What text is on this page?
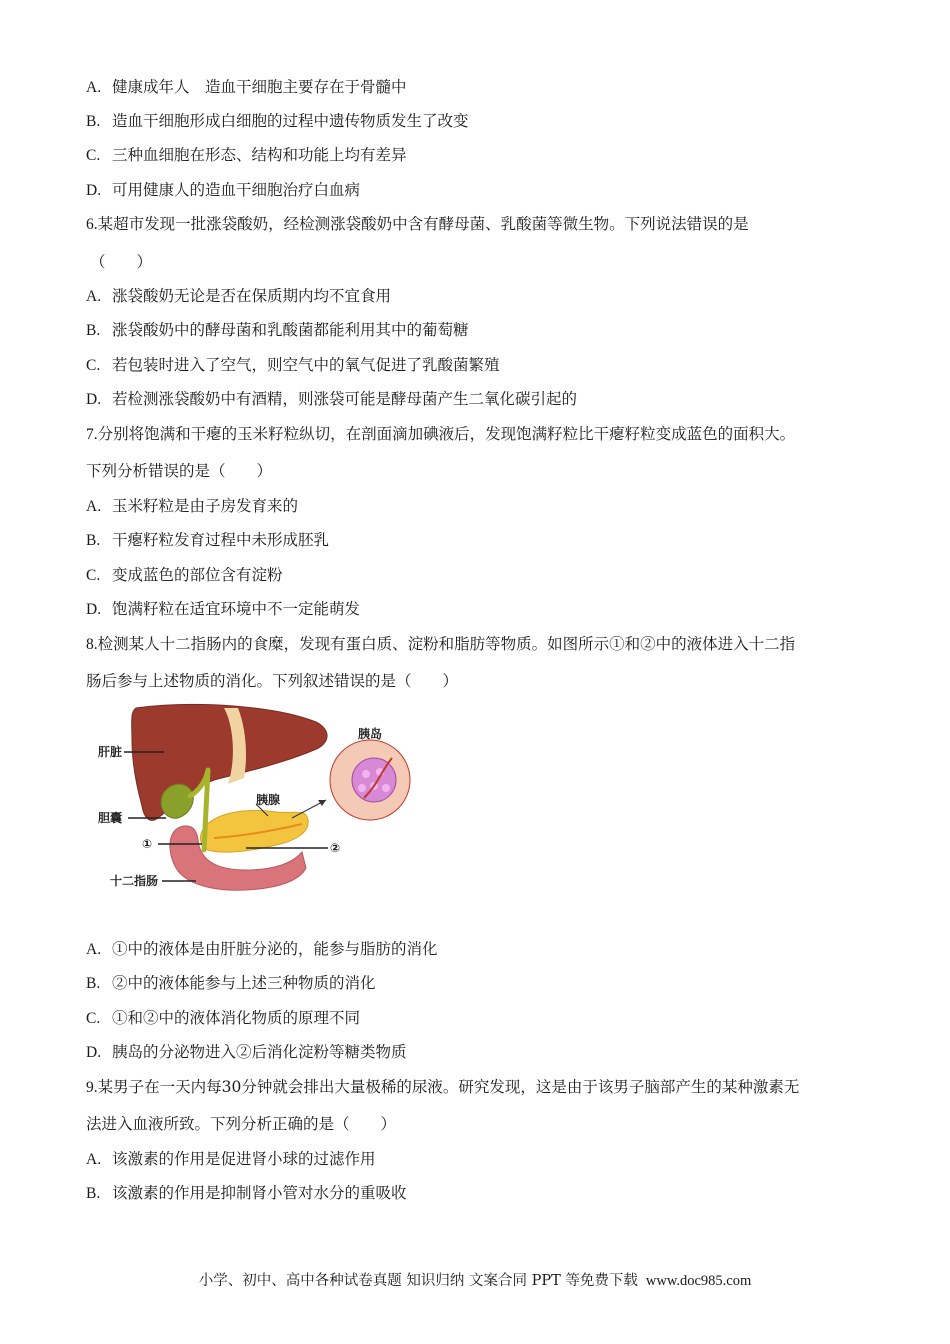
A. 健康成年人　造血干细胞主要存在于骨髓中
B. 造血干细胞形成白细胞的过程中遗传物质发生了改变
C. 三种血细胞在形态、结构和功能上均有差异
D. 可用健康人的造血干细胞治疗白血病
6.某超市发现一批涨袋酸奶，经检测涨袋酸奶中含有酵母菌、乳酸菌等微生物。下列说法错误的是
（　　）
A. 涨袋酸奶无论是否在保质期内均不宜食用
B. 涨袋酸奶中的酵母菌和乳酸菌都能利用其中的葡萄糖
C. 若包装时进入了空气，则空气中的氧气促进了乳酸菌繁殖
D. 若检测涨袋酸奶中有酒精，则涨袋可能是酵母菌产生二氧化碳引起的
7.分别将饱满和干瘪的玉米籽粒纵切，在剖面滴加碘液后，发现饱满籽粒比干瘪籽粒变成蓝色的面积大。
下列分析错误的是（　　）
A. 玉米籽粒是由子房发育来的
B. 干瘪籽粒发育过程中未形成胚乳
C. 变成蓝色的部位含有淀粉
D. 饱满籽粒在适宜环境中不一定能萌发
8.检测某人十二指肠内的食糜，发现有蛋白质、淀粉和脂肪等物质。如图所示①和②中的液体进入十二指
肠后参与上述物质的消化。下列叙述错误的是（　　）
肝脏
胆囊
胰腺
胰岛
十二指肠
①	②
A. ①中的液体是由肝脏分泌的，能参与脂肪的消化
B. ②中的液体能参与上述三种物质的消化
C. ①和②中的液体消化物质的原理不同
D. 胰岛的分泌物进入②后消化淀粉等糖类物质
9.某男子在一天内每30分钟就会排出大量极稀的尿液。研究发现，这是由于该男子脑部产生的某种激素无
法进入血液所致。下列分析正确的是（　　）
A. 该激素的作用是促进肾小球的过滤作用
B. 该激素的作用是抑制肾小管对水分的重吸收
小学、初中、高中各种试卷真题 知识归纳 文案合同 PPT 等免费下载 www.doc985.com
